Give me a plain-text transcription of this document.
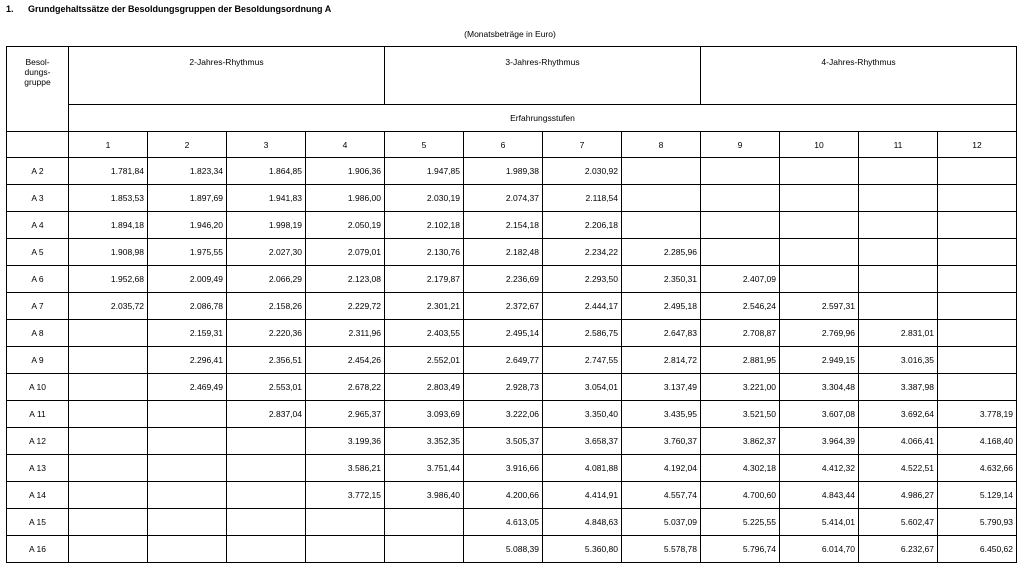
1. Grundgehaltssätze der Besoldungsgruppen der Besoldungsordnung A
(Monatsbeträge in Euro)
Besol-
dungs-
gruppe	2-Jahres-Rhythmus				3-Jahres-Rhythmus				4-Jahres-Rhythmus			
	Erfahrungsstufen											
	1	2	3	4	5	6	7	8	9	10	11	12
A 2	1.781,84	1.823,34	1.864,85	1.906,36	1.947,85	1.989,38	2.030,92					
A 3	1.853,53	1.897,69	1.941,83	1.986,00	2.030,19	2.074,37	2.118,54					
A 4	1.894,18	1.946,20	1.998,19	2.050,19	2.102,18	2.154,18	2.206,18					
A 5	1.908,98	1.975,55	2.027,30	2.079,01	2.130,76	2.182,48	2.234,22	2.285,96				
A 6	1.952,68	2.009,49	2.066,29	2.123,08	2.179,87	2.236,69	2.293,50	2.350,31	2.407,09			
A 7	2.035,72	2.086,78	2.158,26	2.229,72	2.301,21	2.372,67	2.444,17	2.495,18	2.546,24	2.597,31		
A 8		2.159,31	2.220,36	2.311,96	2.403,55	2.495,14	2.586,75	2.647,83	2.708,87	2.769,96	2.831,01	
A 9		2.296,41	2.356,51	2.454,26	2.552,01	2.649,77	2.747,55	2.814,72	2.881,95	2.949,15	3.016,35	
A 10		2.469,49	2.553,01	2.678,22	2.803,49	2.928,73	3.054,01	3.137,49	3.221,00	3.304,48	3.387,98	
A 11			2.837,04	2.965,37	3.093,69	3.222,06	3.350,40	3.435,95	3.521,50	3.607,08	3.692,64	3.778,19
A 12				3.199,36	3.352,35	3.505,37	3.658,37	3.760,37	3.862,37	3.964,39	4.066,41	4.168,40
A 13				3.586,21	3.751,44	3.916,66	4.081,88	4.192,04	4.302,18	4.412,32	4.522,51	4.632,66
A 14				3.772,15	3.986,40	4.200,66	4.414,91	4.557,74	4.700,60	4.843,44	4.986,27	5.129,14
A 15						4.613,05	4.848,63	5.037,09	5.225,55	5.414,01	5.602,47	5.790,93
A 16						5.088,39	5.360,80	5.578,78	5.796,74	6.014,70	6.232,67	6.450,62
